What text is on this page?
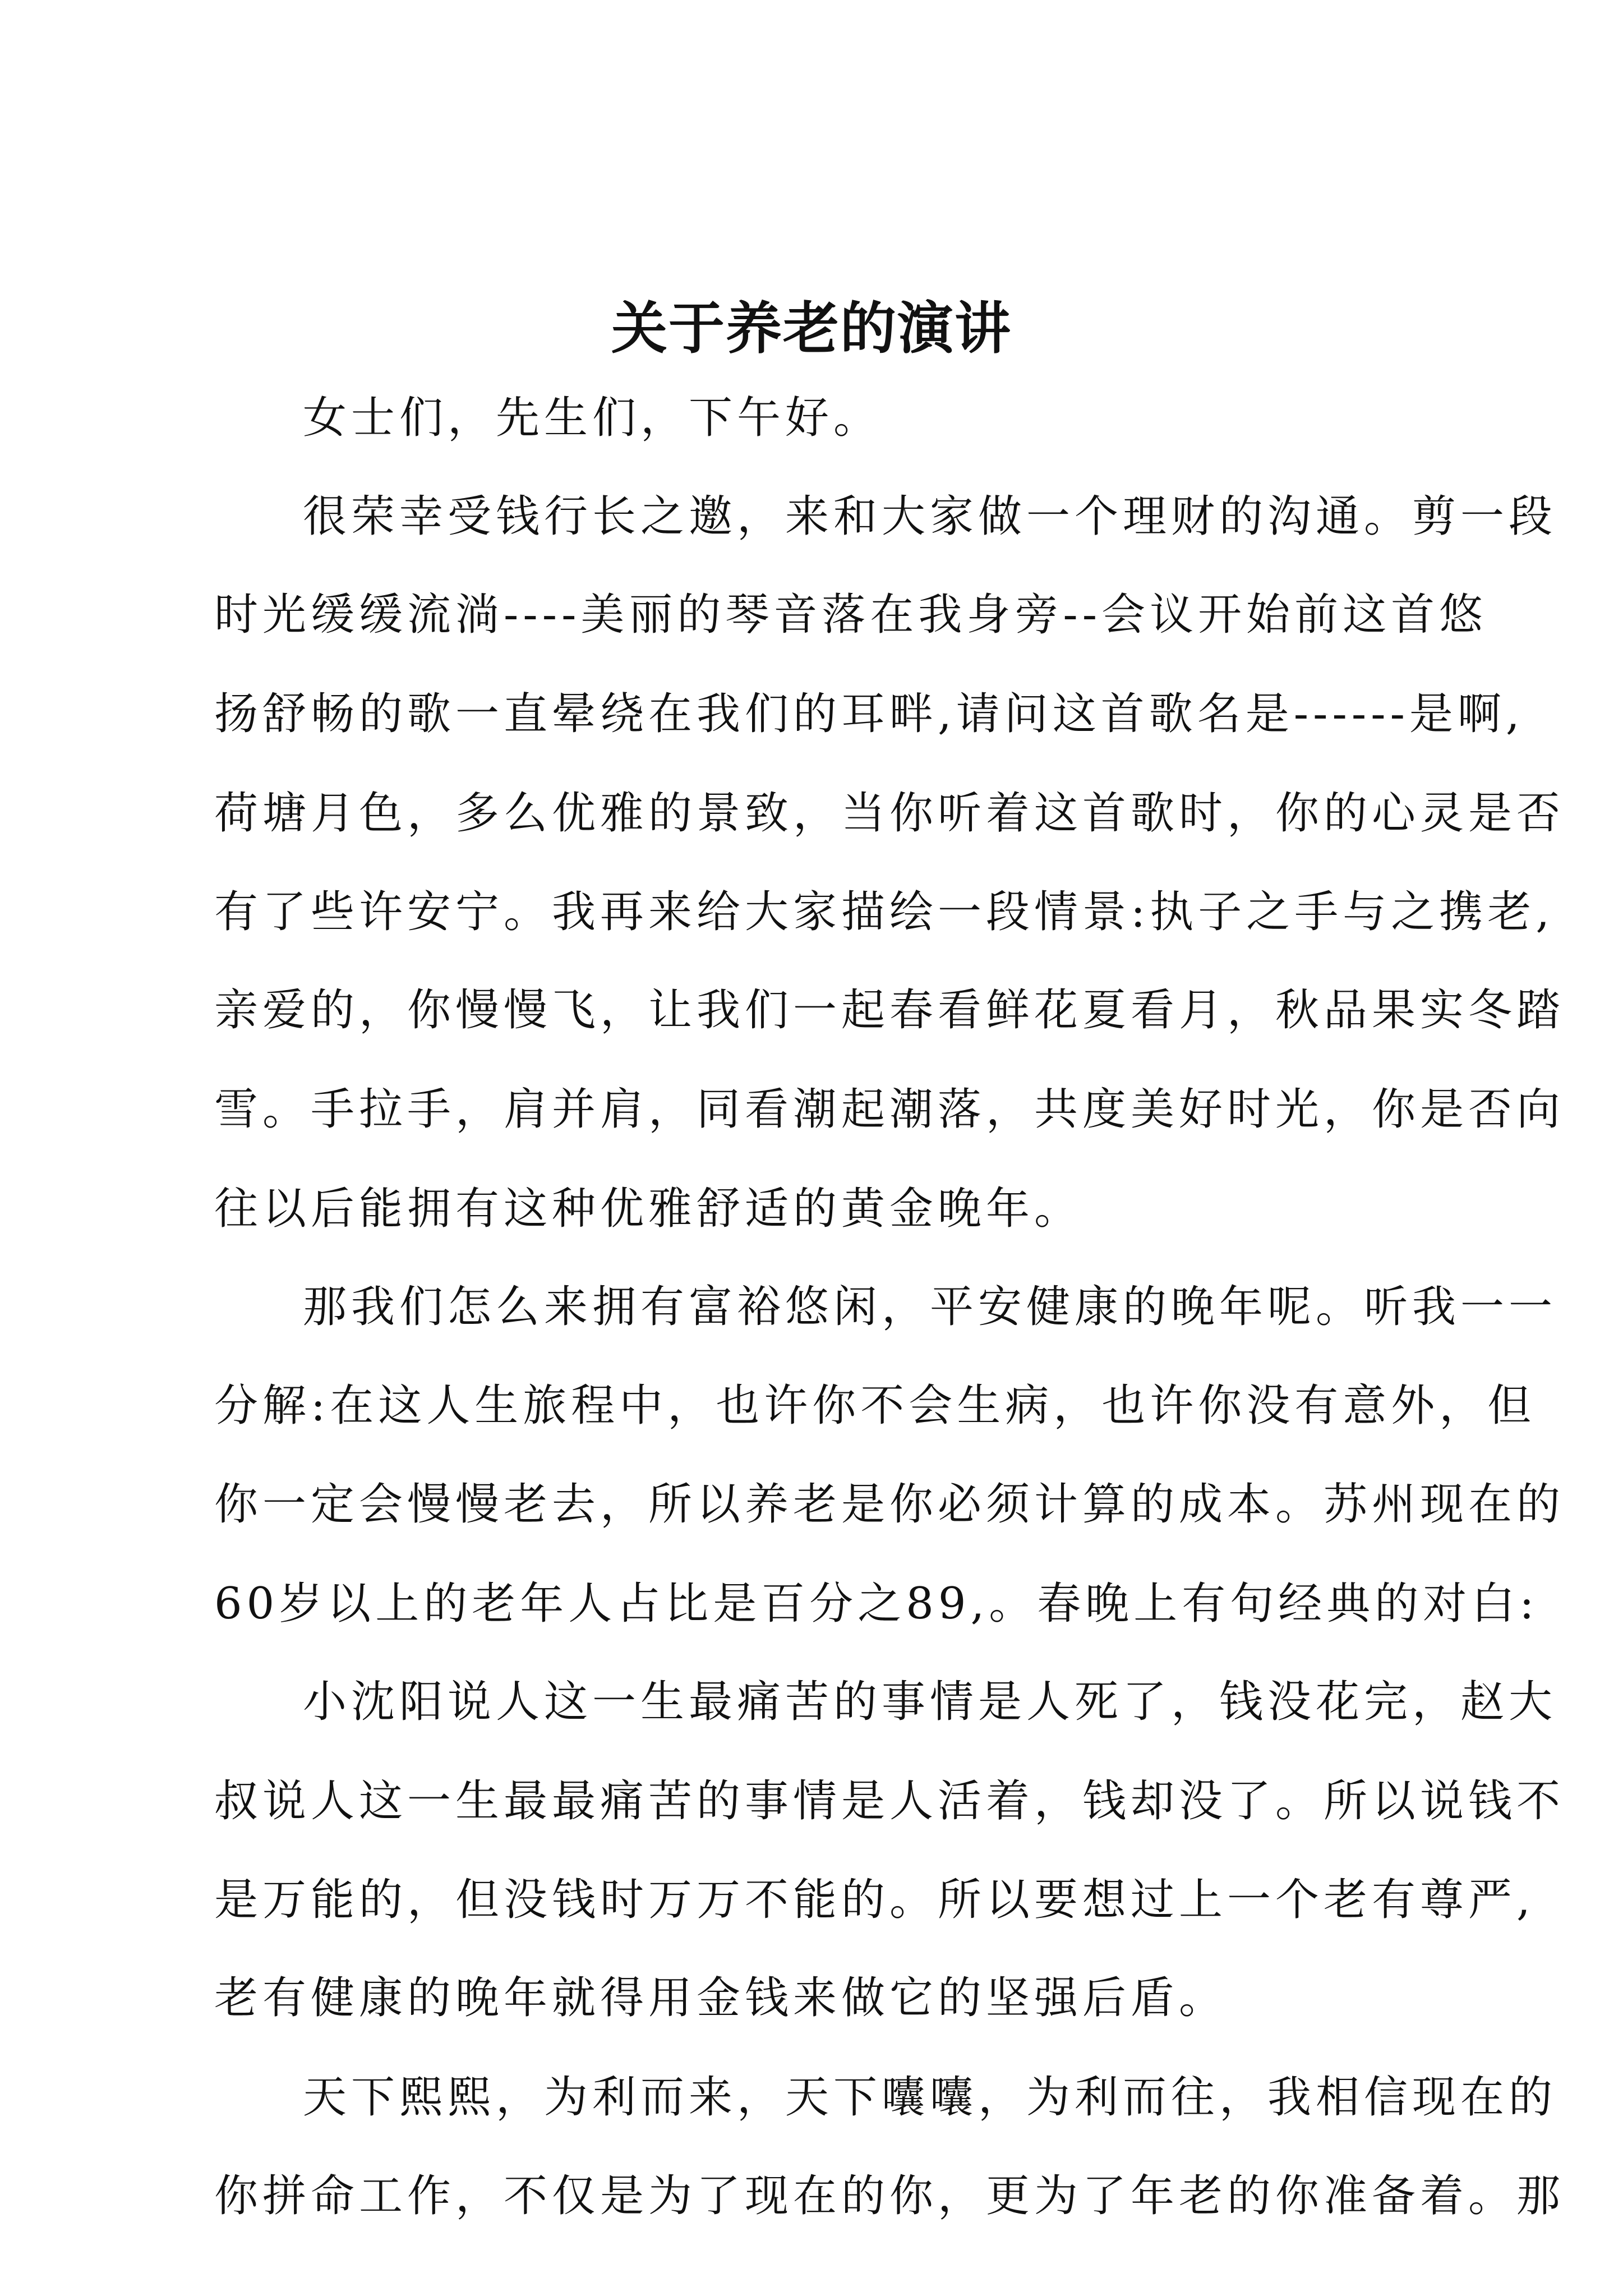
关于养老的演讲
女士们，先生们，下午好。
很荣幸受钱行长之邀，来和大家做一个理财的沟通。剪一段
时光缓缓流淌----美丽的琴音落在我身旁--会议开始前这首悠
扬舒畅的歌一直晕绕在我们的耳畔,请问这首歌名是------是啊,
荷塘月色，多么优雅的景致，当你听着这首歌时，你的心灵是否
有了些许安宁。我再来给大家描绘一段情景:执子之手与之携老,
亲爱的，你慢慢飞，让我们一起春看鲜花夏看月，秋品果实冬踏
雪。手拉手，肩并肩，同看潮起潮落，共度美好时光，你是否向
往以后能拥有这种优雅舒适的黄金晚年。
那我们怎么来拥有富裕悠闲，平安健康的晚年呢。听我一一
分解:在这人生旅程中，也许你不会生病，也许你没有意外，但
你一定会慢慢老去，所以养老是你必须计算的成本。苏州现在的
60岁以上的老年人占比是百分之89,。春晚上有句经典的对白:
小沈阳说人这一生最痛苦的事情是人死了，钱没花完，赵大
叔说人这一生最最痛苦的事情是人活着，钱却没了。所以说钱不
是万能的，但没钱时万万不能的。所以要想过上一个老有尊严,
老有健康的晚年就得用金钱来做它的坚强后盾。
天下熙熙，为利而来，天下囔囔，为利而往，我相信现在的
你拼命工作，不仅是为了现在的你，更为了年老的你准备着。那
